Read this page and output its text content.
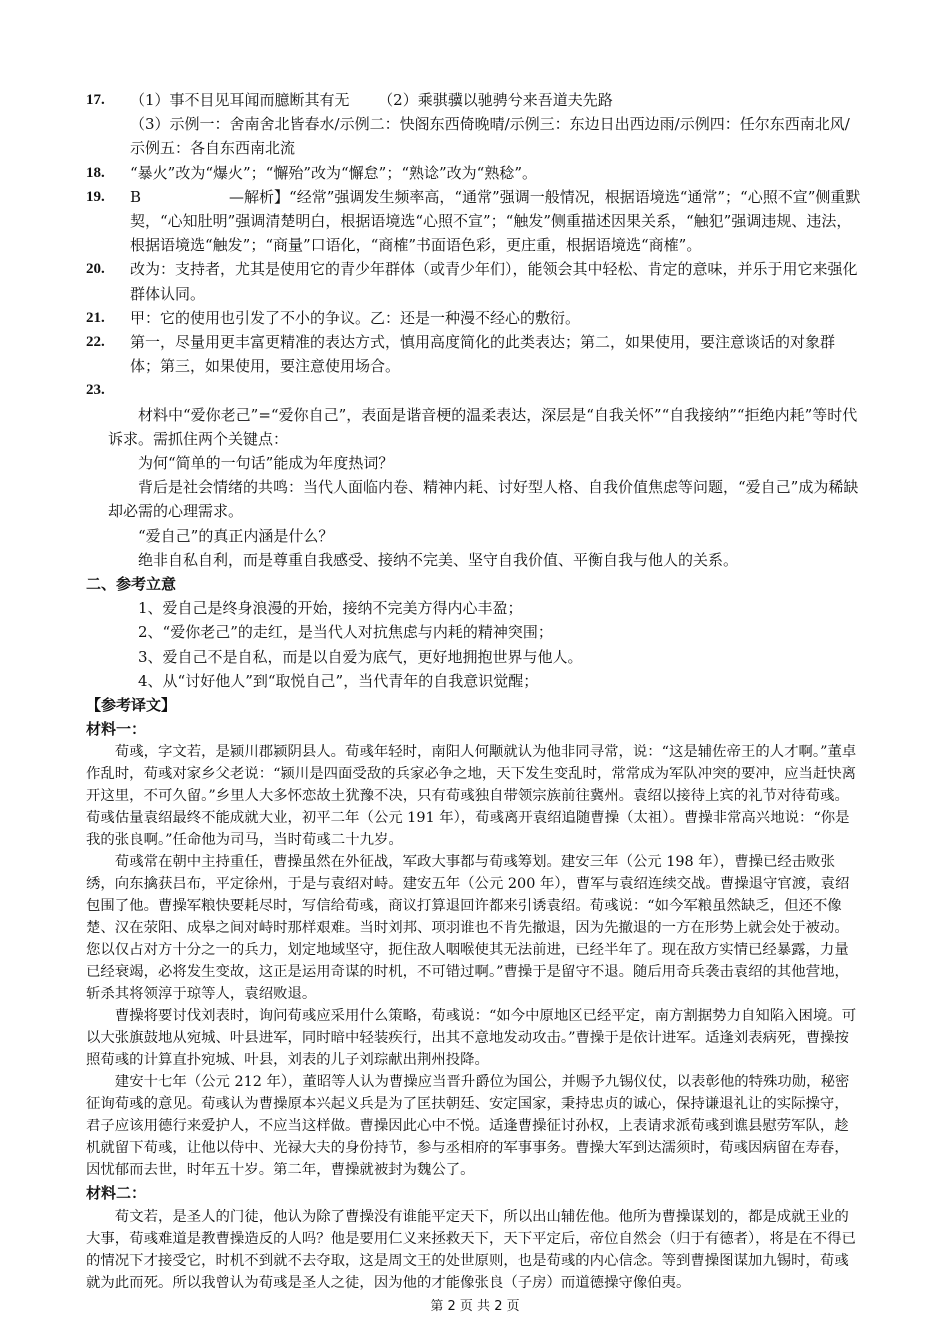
17. （1）事不目见耳闻而臆断其有无 （2）乘骐骥以驰骋兮来吾道夫先路

（3）示例一：舍南舍北皆春水/示例二：快阁东西倚晚晴/示例三：东边日出西边雨/示例四：任尔东西南北风/示例五：各自东西南北流

18. “暴火”改为“爆火”；“懈殆”改为“懈怠”；“熟谂”改为“熟稔”。

19. B	—解析】“经常”强调发生频率高，“通常”强调一般情况，根据语境选“通常”；“心照不宣”侧重默契，“心知肚明”强调清楚明白，根据语境选“心照不宣”；“触发”侧重描述因果关系，“触犯”强调违规、违法，根据语境选“触发”；“商量”口语化，“商榷”书面语色彩，更庄重，根据语境选“商榷”。

20. 改为：支持者，尤其是使用它的青少年群体（或青少年们），能领会其中轻松、肯定的意味，并乐于用它来强化群体认同。

21. 甲：它的使用也引发了不小的争议。乙：还是一种漫不经心的敷衍。

22. 第一，尽量用更丰富更精准的表达方式，慎用高度简化的此类表达；第二，如果使用，要注意谈话的对象群体；第三，如果使用，要注意使用场合。

23.

材料中“爱你老己”=“爱你自己”，表面是谐音梗的温柔表达，深层是“自我关怀”“自我接纳”“拒绝内耗”等时代诉求。需抓住两个关键点：

为何“简单的一句话”能成为年度热词？

背后是社会情绪的共鸣：当代人面临内卷、精神内耗、讨好型人格、自我价值焦虑等问题，“爱自己”成为稀缺却必需的心理需求。

“爱自己”的真正内涵是什么？

绝非自私自利，而是尊重自我感受、接纳不完美、坚守自我价值、平衡自我与他人的关系。

二、参考立意

1、爱自己是终身浪漫的开始，接纳不完美方得内心丰盈；

2、“爱你老己”的走红，是当代人对抗焦虑与内耗的精神突围；

3、爱自己不是自私，而是以自爱为底气，更好地拥抱世界与他人。

4、从“讨好他人”到“取悦自己”，当代青年的自我意识觉醒；

【参考译文】

材料一：

荀彧，字文若，是颍川郡颍阴县人。荀彧年轻时，南阳人何颙就认为他非同寻常，说：“这是辅佐帝王的人才啊。”董卓作乱时，荀彧对家乡父老说：“颍川是四面受敌的兵家必争之地，天下发生变乱时，常常成为军队冲突的要冲，应当赶快离开这里，不可久留。”乡里人大多怀恋故土犹豫不决，只有荀彧独自带领宗族前往冀州。袁绍以接待上宾的礼节对待荀彧。荀彧估量袁绍最终不能成就大业，初平二年（公元 191 年），荀彧离开袁绍追随曹操（太祖）。曹操非常高兴地说：“你是我的张良啊。”任命他为司马，当时荀彧二十九岁。

荀彧常在朝中主持重任，曹操虽然在外征战，军政大事都与荀彧筹划。建安三年（公元 198 年），曹操已经击败张绣，向东擒获吕布，平定徐州，于是与袁绍对峙。建安五年（公元 200 年），曹军与袁绍连续交战。曹操退守官渡，袁绍包围了他。曹操军粮快要耗尽时，写信给荀彧，商议打算退回许都来引诱袁绍。荀彧说：“如今军粮虽然缺乏，但还不像楚、汉在荥阳、成皋之间对峙时那样艰难。当时刘邦、项羽谁也不肯先撤退，因为先撤退的一方在形势上就会处于被动。您以仅占对方十分之一的兵力，划定地域坚守，扼住敌人咽喉使其无法前进，已经半年了。现在敌方实情已经暴露，力量已经衰竭，必将发生变故，这正是运用奇谋的时机，不可错过啊。”曹操于是留守不退。随后用奇兵袭击袁绍的其他营地，斩杀其将领淳于琼等人，袁绍败退。

曹操将要讨伐刘表时，询问荀彧应采用什么策略，荀彧说：“如今中原地区已经平定，南方割据势力自知陷入困境。可以大张旗鼓地从宛城、叶县进军，同时暗中轻装疾行，出其不意地发动攻击。”曹操于是依计进军。适逢刘表病死，曹操按照荀彧的计算直扑宛城、叶县，刘表的儿子刘琮献出荆州投降。

建安十七年（公元 212 年），董昭等人认为曹操应当晋升爵位为国公，并赐予九锡仪仗，以表彰他的特殊功勋，秘密征询荀彧的意见。荀彧认为曹操原本兴起义兵是为了匡扶朝廷、安定国家，秉持忠贞的诚心，保持谦退礼让的实际操守，君子应该用德行来爱护人，不应当这样做。曹操因此心中不悦。适逢曹操征讨孙权，上表请求派荀彧到谯县慰劳军队，趁机就留下荀彧，让他以侍中、光禄大夫的身份持节，参与丞相府的军事事务。曹操大军到达濡须时，荀彧因病留在寿春，因忧郁而去世，时年五十岁。第二年，曹操就被封为魏公了。

材料二：

荀文若，是圣人的门徒，他认为除了曹操没有谁能平定天下，所以出山辅佐他。他所为曹操谋划的，都是成就王业的大事，荀彧难道是教曹操造反的人吗？他是要用仁义来拯救天下，天下平定后，帝位自然会（归于有德者），将是在不得已的情况下才接受它，时机不到就不去夺取，这是周文王的处世原则，也是荀彧的内心信念。等到曹操图谋加九锡时，荀彧就为此而死。所以我曾认为荀彧是圣人之徒，因为他的才能像张良（子房）而道德操守像伯夷。

第 2 页 共 2 页
